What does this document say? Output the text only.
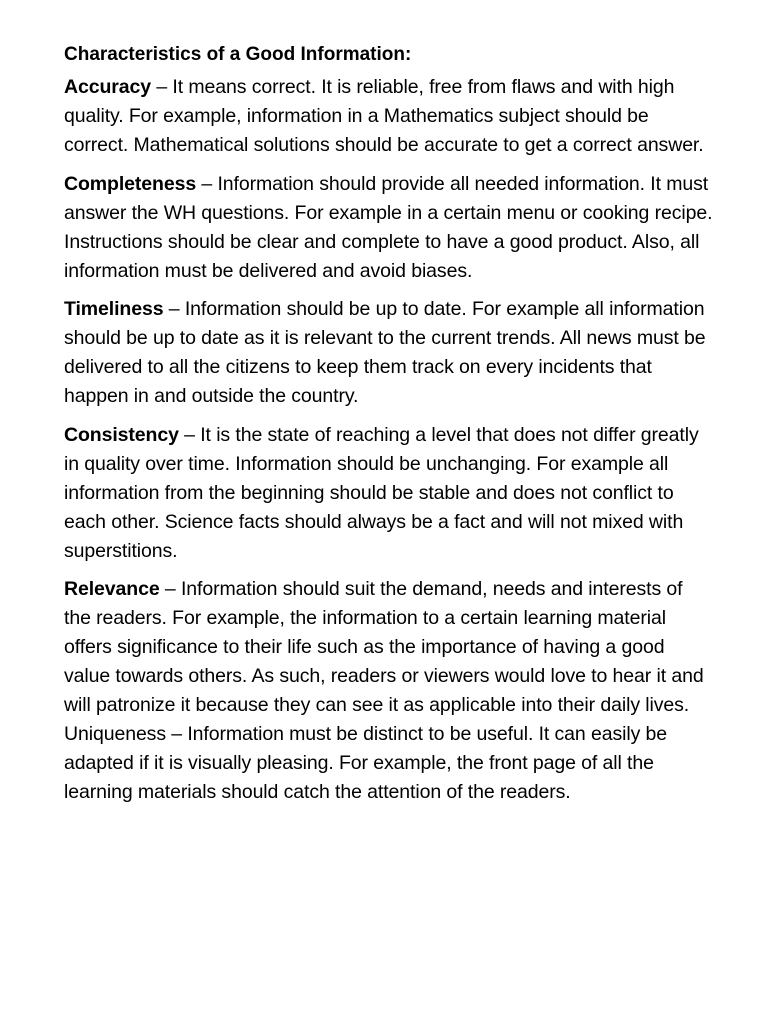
Characteristics of a Good Information:

Accuracy – It means correct. It is reliable, free from flaws and with high quality. For example, information in a Mathematics subject should be correct. Mathematical solutions should be accurate to get a correct answer.

Completeness – Information should provide all needed information. It must answer the WH questions. For example in a certain menu or cooking recipe. Instructions should be clear and complete to have a good product. Also, all information must be delivered and avoid biases.

Timeliness – Information should be up to date. For example all information should be up to date as it is relevant to the current trends. All news must be delivered to all the citizens to keep them track on every incidents that happen in and outside the country.

Consistency – It is the state of reaching a level that does not differ greatly in quality over time. Information should be unchanging. For example all information from the beginning should be stable and does not conflict to each other. Science facts should always be a fact and will not mixed with superstitions.

Relevance – Information should suit the demand, needs and interests of the readers. For example, the information to a certain learning material offers significance to their life such as the importance of having a good value towards others. As such, readers or viewers would love to hear it and will patronize it because they can see it as applicable into their daily lives. Uniqueness – Information must be distinct to be useful. It can easily be adapted if it is visually pleasing. For example, the front page of all the learning materials should catch the attention of the readers.
